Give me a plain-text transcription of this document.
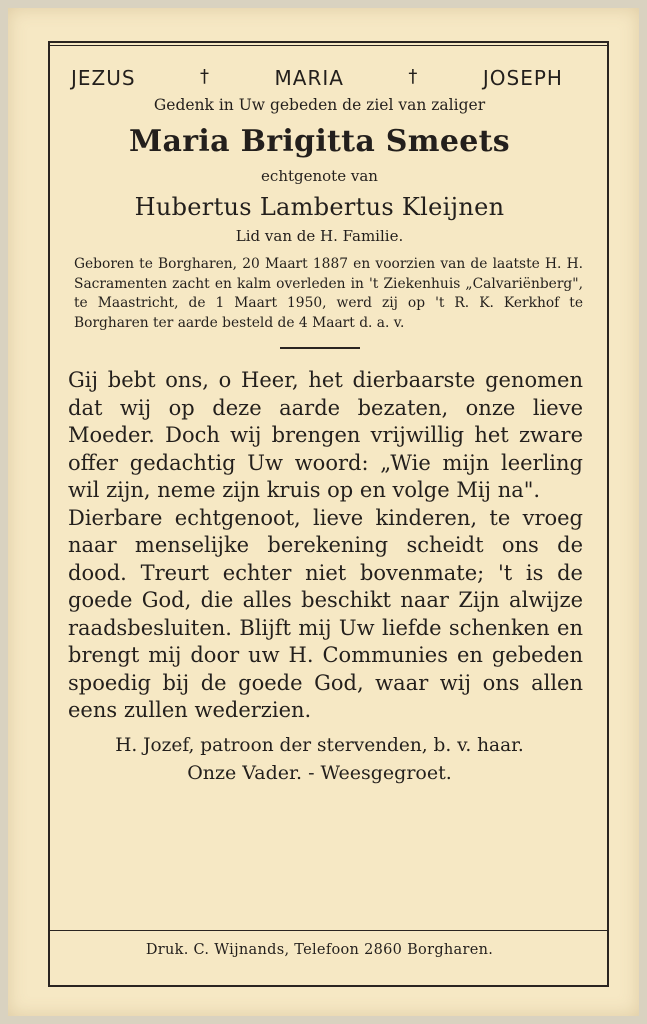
JEZUS	†	MARIA	†	JOSEPH
Gedenk in Uw gebeden de ziel van zaliger
Maria Brigitta Smeets
echtgenote van
Hubertus Lambertus Kleijnen
Lid van de H. Familie.
Geboren te Borgharen, 20 Maart 1887 en voorzien van de laatste H. H. Sacramenten zacht en kalm overleden in 't Ziekenhuis „Calvariënberg", te Maastricht, de 1 Maart 1950, werd zij op 't R. K. Kerkhof te Borgharen ter aarde besteld de 4 Maart d. a. v.

Gij bebt ons, o Heer, het dierbaarste genomen dat wij op deze aarde bezaten, onze lieve Moeder. Doch wij brengen vrijwillig het zware offer gedachtig Uw woord: „Wie mijn leerling wil zijn, neme zijn kruis op en volge Mij na".

Dierbare echtgenoot, lieve kinderen, te vroeg naar menselijke berekening scheidt ons de dood. Treurt echter niet bovenmate; 't is de goede God, die alles beschikt naar Zijn alwijze raadsbesluiten. Blijft mij Uw liefde schenken en brengt mij door uw H. Communies en gebeden spoedig bij de goede God, waar wij ons allen eens zullen wederzien.

H. Jozef, patroon der stervenden, b. v. haar.
Onze Vader. - Weesgegroet.
Druk. C. Wijnands, Telefoon 2860 Borgharen.
